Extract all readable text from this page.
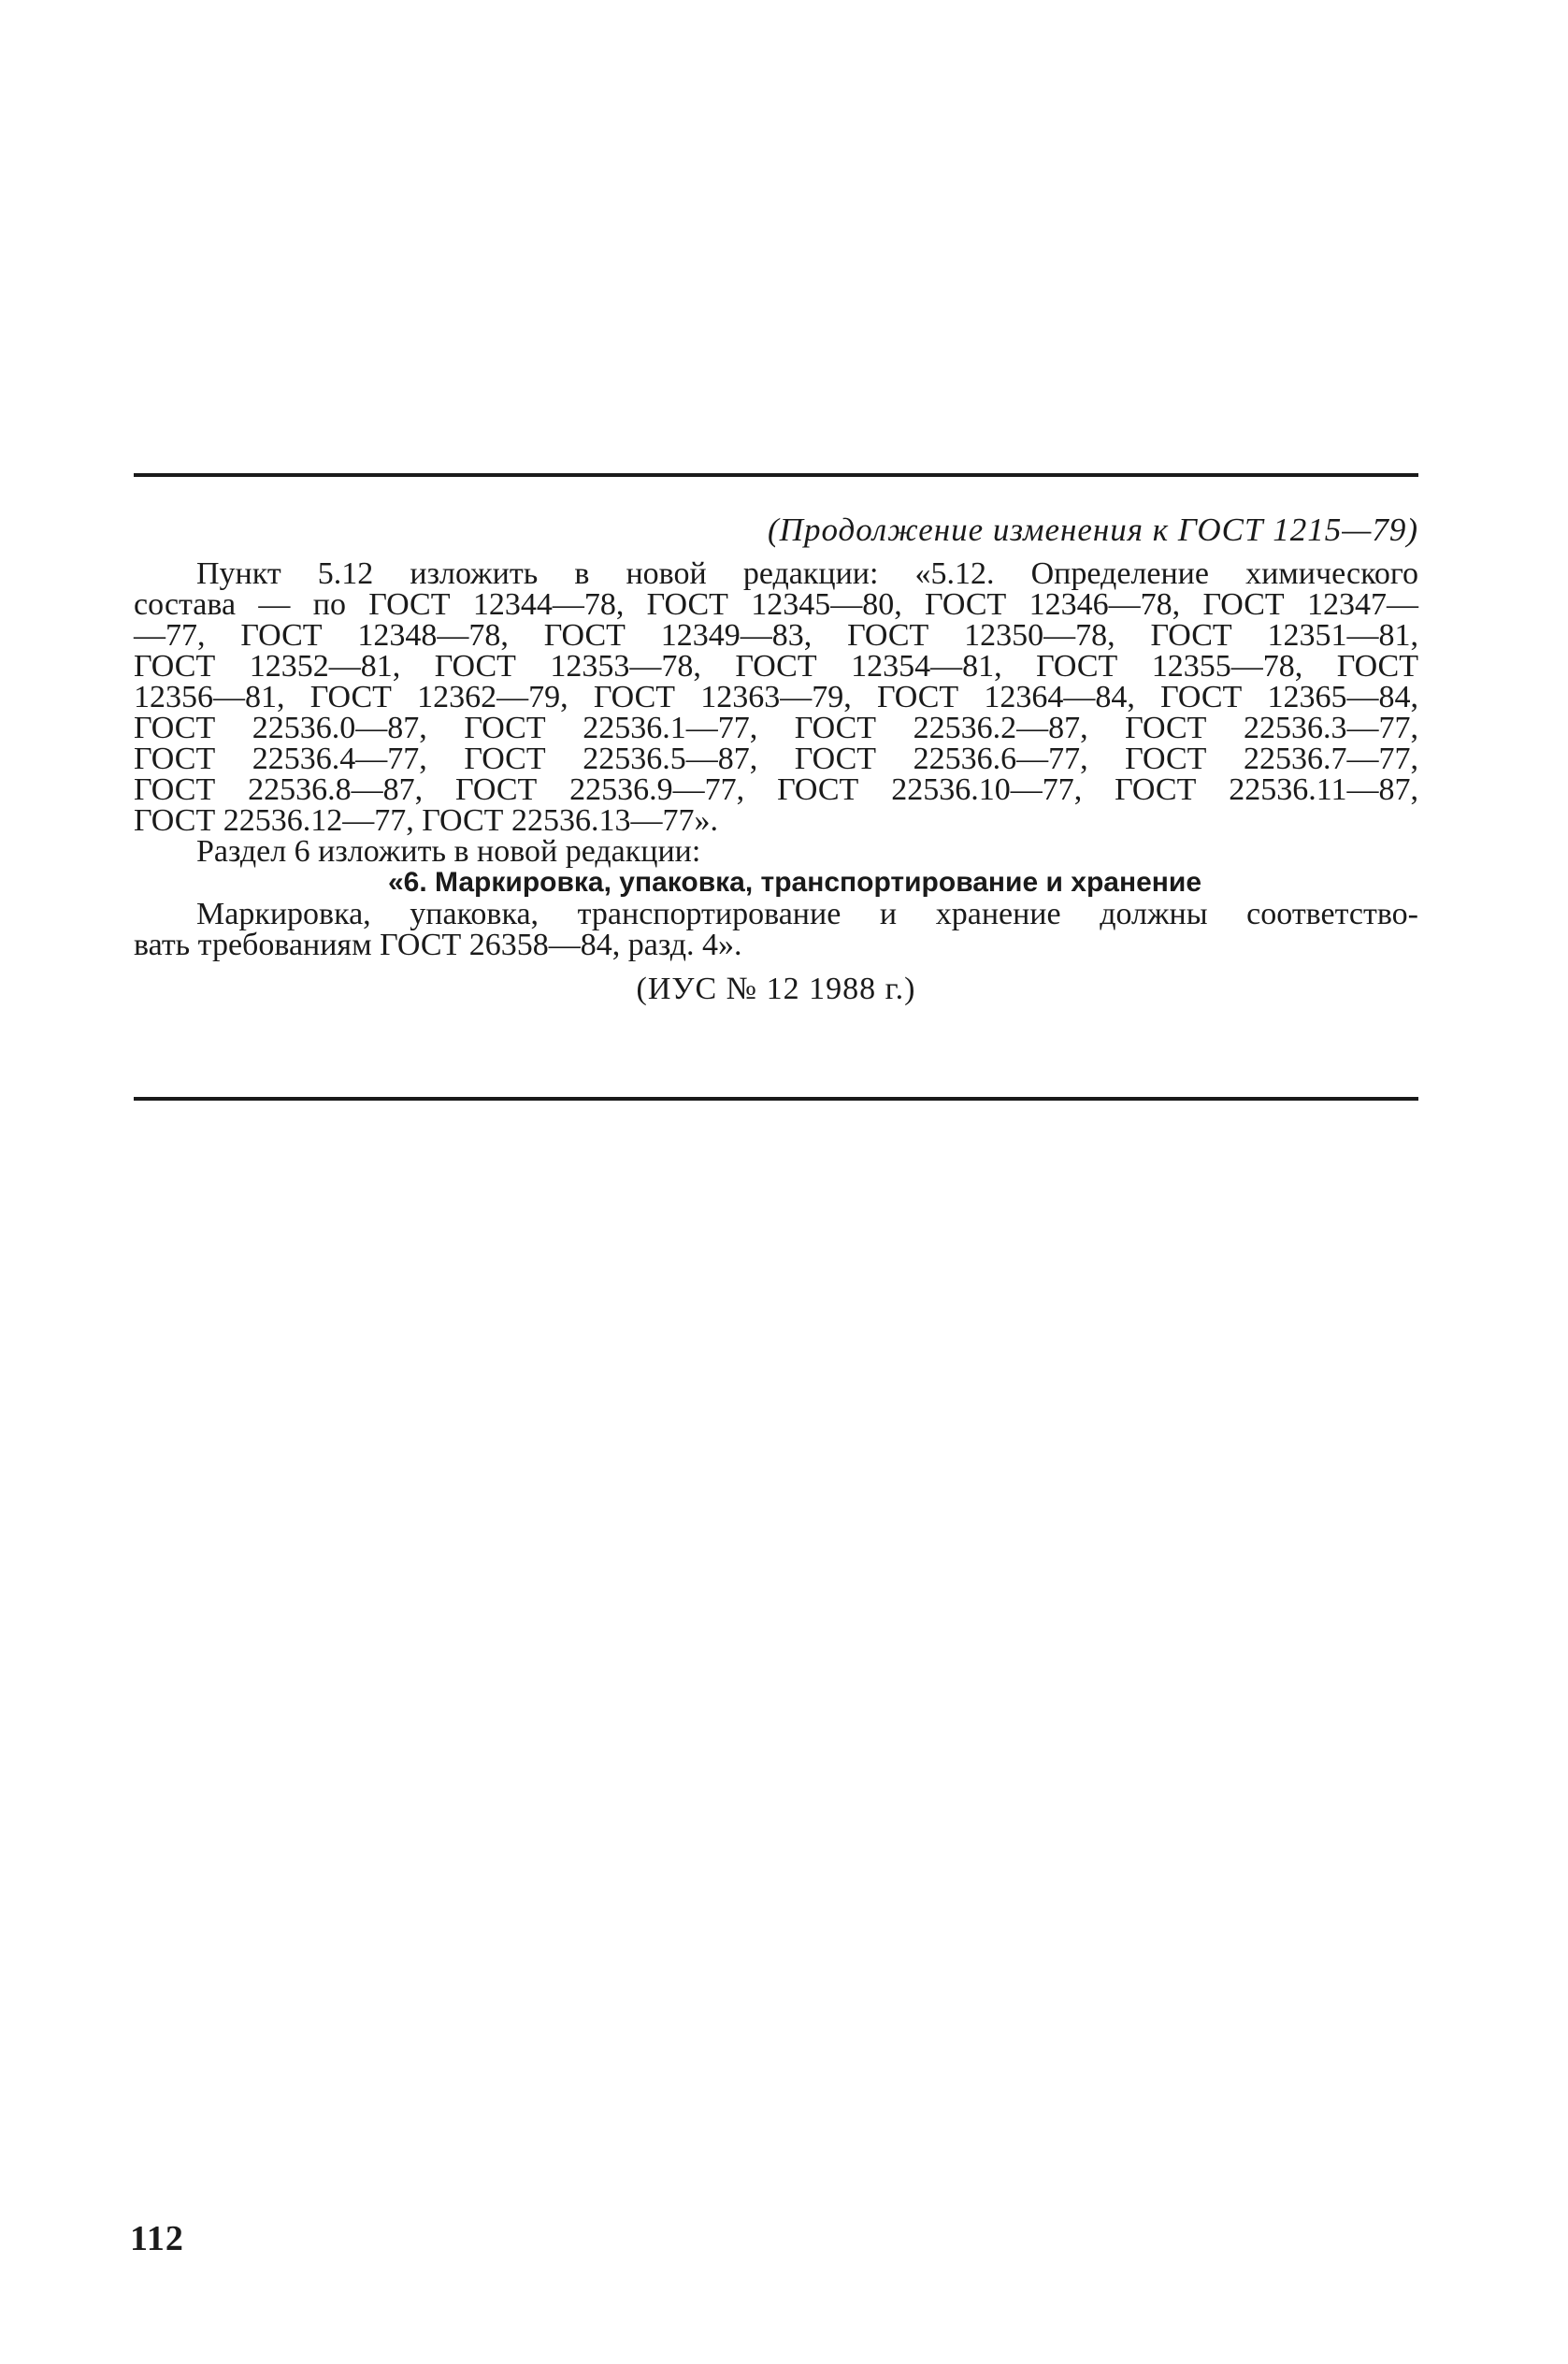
(Продолжение изменения к ГОСТ 1215—79)
Пункт 5.12 изложить в новой редакции: «5.12. Определение химического
состава — по ГОСТ 12344—78, ГОСТ 12345—80, ГОСТ 12346—78, ГОСТ 12347—
—77, ГОСТ 12348—78, ГОСТ 12349—83, ГОСТ 12350—78, ГОСТ 12351—81,
ГОСТ 12352—81, ГОСТ 12353—78, ГОСТ 12354—81, ГОСТ 12355—78, ГОСТ
12356—81, ГОСТ 12362—79, ГОСТ 12363—79, ГОСТ 12364—84, ГОСТ 12365—84,
ГОСТ 22536.0—87, ГОСТ 22536.1—77, ГОСТ 22536.2—87, ГОСТ 22536.3—77,
ГОСТ 22536.4—77, ГОСТ 22536.5—87, ГОСТ 22536.6—77, ГОСТ 22536.7—77,
ГОСТ 22536.8—87, ГОСТ 22536.9—77, ГОСТ 22536.10—77, ГОСТ 22536.11—87,
ГОСТ 22536.12—77, ГОСТ 22536.13—77».
Раздел 6 изложить в новой редакции:
«6. Маркировка, упаковка, транспортирование и хранение
Маркировка, упаковка, транспортирование и хранение должны соответство-
вать требованиям ГОСТ 26358—84, разд. 4».
(ИУС № 12 1988 г.)
112
